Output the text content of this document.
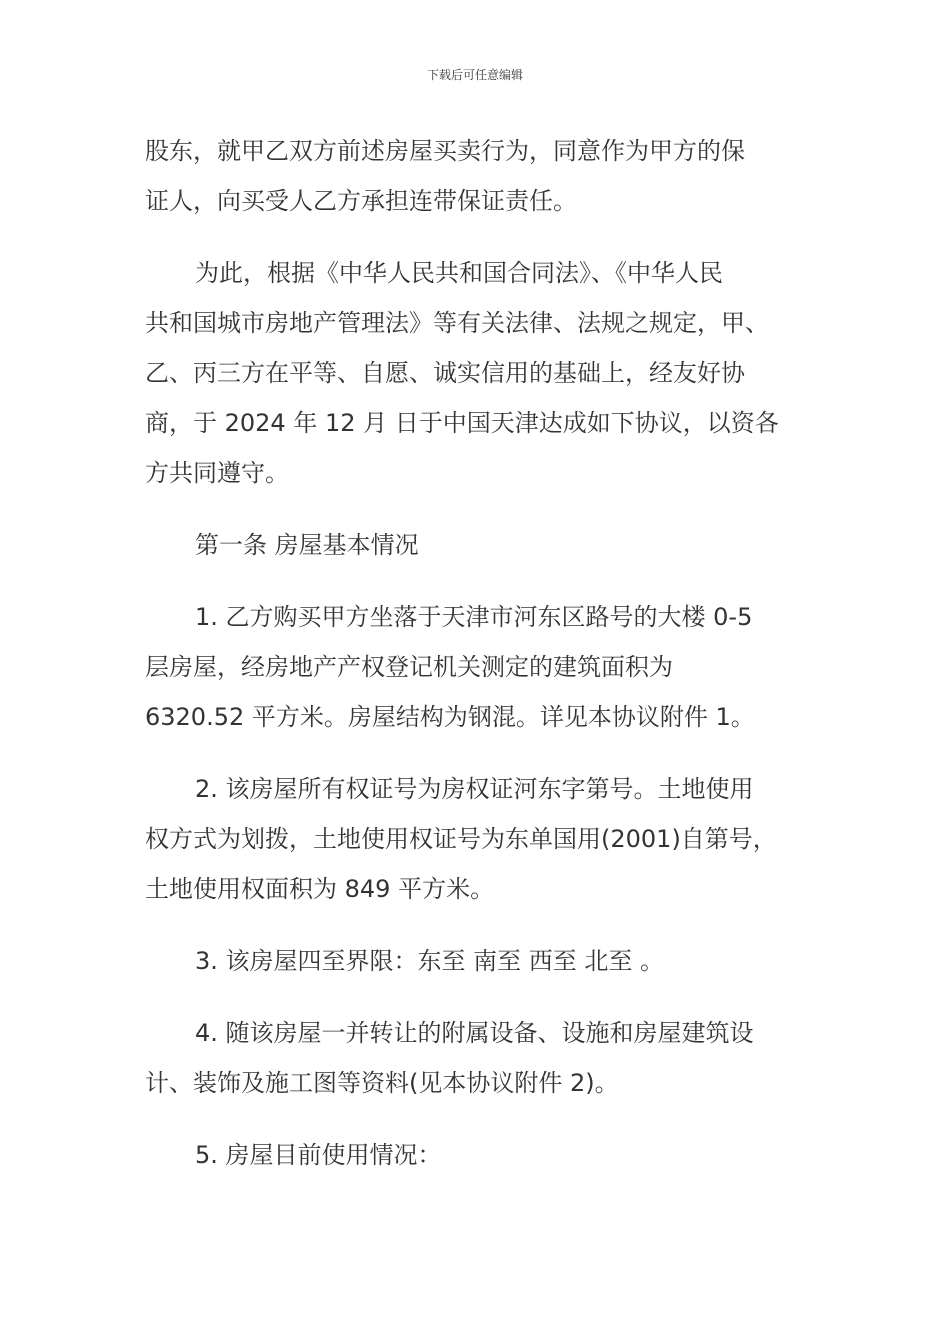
下载后可任意编辑
股东，就甲乙双方前述房屋买卖行为，同意作为甲方的保
证人，向买受人乙方承担连带保证责任。
为此，根据《中华人民共和国合同法》、《中华人民
共和国城市房地产管理法》等有关法律、法规之规定，甲、
乙、丙三方在平等、自愿、诚实信用的基础上，经友好协
商，于 2024 年 12 月 日于中国天津达成如下协议，以资各
方共同遵守。
第一条 房屋基本情况
1. 乙方购买甲方坐落于天津市河东区路号的大楼 0-5
层房屋，经房地产产权登记机关测定的建筑面积为
6320.52 平方米。房屋结构为钢混。详见本协议附件 1。
2. 该房屋所有权证号为房权证河东字第号。土地使用
权方式为划拨，土地使用权证号为东单国用(2001)自第号，
土地使用权面积为 849 平方米。
3. 该房屋四至界限：东至 南至 西至 北至 。
4. 随该房屋一并转让的附属设备、设施和房屋建筑设
计、装饰及施工图等资料(见本协议附件 2)。
5. 房屋目前使用情况：
